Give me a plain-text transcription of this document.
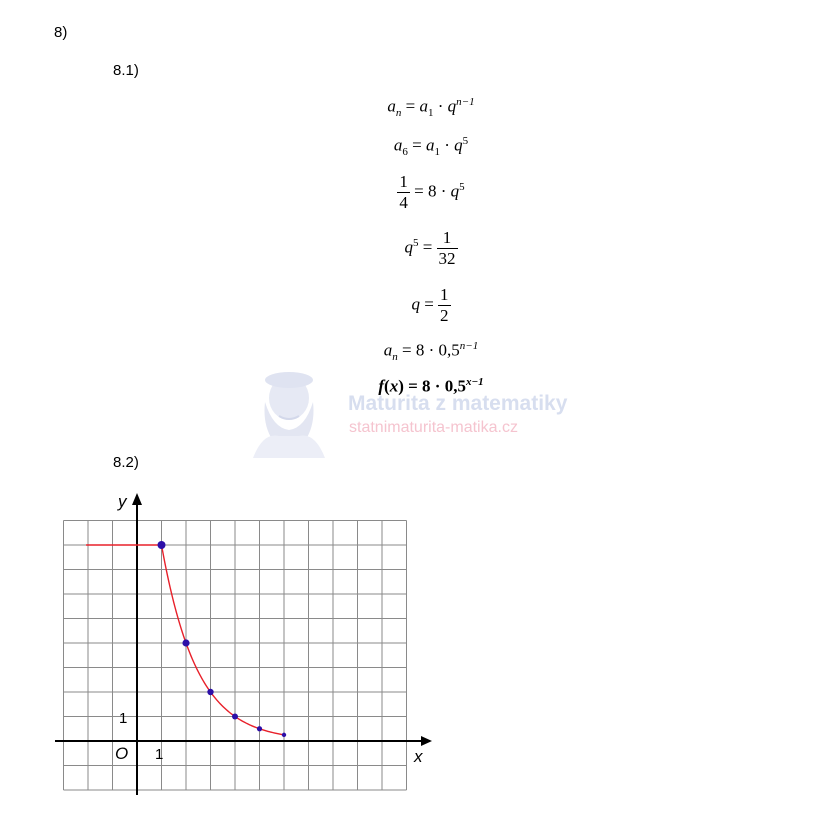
8)
8.1)
$a_n = a_1 \cdot q^{n-1}$
$a_6 = a_1 \cdot q^5$
$\frac{1}{4} = 8 \cdot q^5$
$q^5 = \frac{1}{32}$
$q = \frac{1}{2}$
$a_n = 8 \cdot 0,5^{n-1}$
$f(x) = 8 \cdot 0,5^{x-1}$
Maturita z matematiky
statnimaturita-matika.cz
8.2)
y
x
O 1
1
